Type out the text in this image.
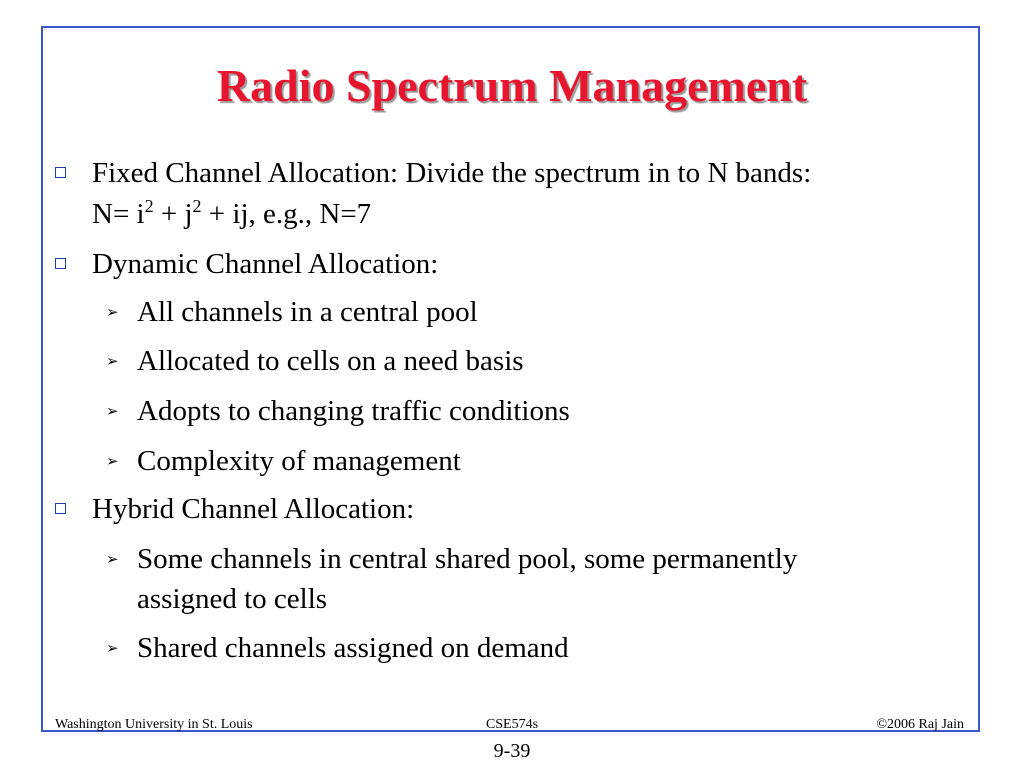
Radio Spectrum Management
Fixed Channel Allocation: Divide the spectrum in to N bands:
$N= i^2 + j^2$ + ij, e.g., N=7
Dynamic Channel Allocation:
➢ All channels in a central pool
➢ Allocated to cells on a need basis
➢ Adopts to changing traffic conditions
➢ Complexity of management
Hybrid Channel Allocation:
➢ Some channels in central shared pool, some permanently
assigned to cells
➢ Shared channels assigned on demand
Washington University in St. Louis	CSE574s	©2006 Raj Jain
9-39
